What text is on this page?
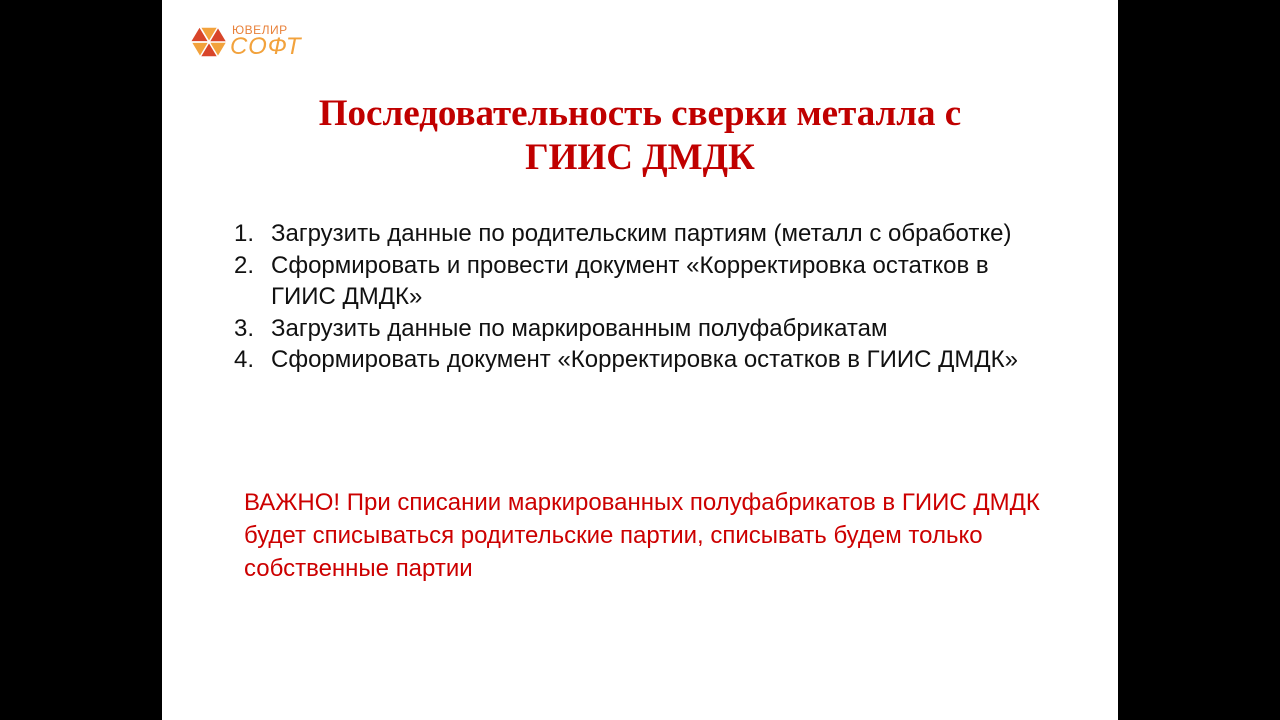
ЮВЕЛИР
СОФТ
Последовательность сверки металла с
ГИИС ДМДК
1. Загрузить данные по родительским партиям (металл с обработке)
2. Сформировать и провести документ «Корректировка остатков в ГИИС ДМДК»
3. Загрузить данные по маркированным полуфабрикатам
4. Сформировать документ «Корректировка остатков в ГИИС ДМДК»
ВАЖНО! При списании маркированных полуфабрикатов в ГИИС ДМДК будет списываться родительские партии, списывать будем только собственные партии
